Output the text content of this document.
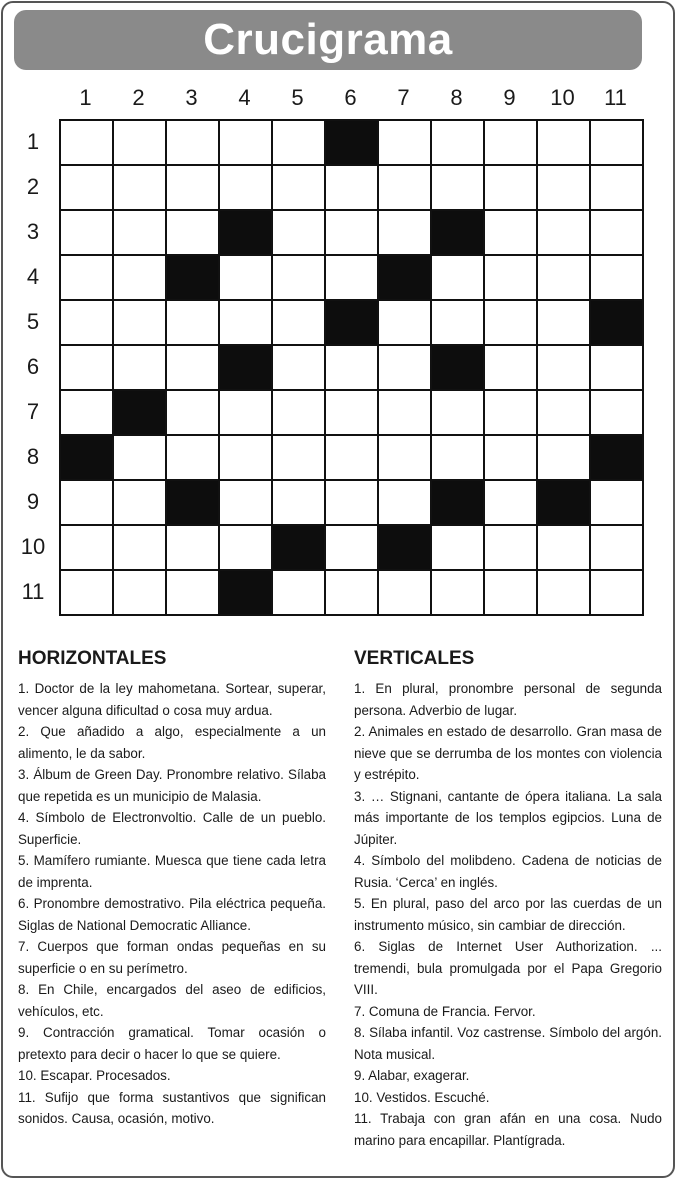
Crucigrama
1	2	3	4	5	6	7	8	9	10	11
1
2
3
4
5
6
7
8
9
10
11
HORIZONTALES

1. Doctor de la ley mahometana. Sortear, superar, vencer alguna dificultad o cosa muy ardua.

2. Que añadido a algo, especialmente a un alimento, le da sabor.

3. Álbum de Green Day. Pronombre relativo. Sílaba que repetida es un municipio de Malasia.

4. Símbolo de Electronvoltio. Calle de un pueblo. Superficie.

5. Mamífero rumiante. Muesca que tiene cada letra de imprenta.

6. Pronombre demostrativo. Pila eléctrica pequeña. Siglas de National Democratic Alliance.

7. Cuerpos que forman ondas pequeñas en su superficie o en su perímetro.

8. En Chile, encargados del aseo de edificios, vehículos, etc.

9. Contracción gramatical. Tomar ocasión o pretexto para decir o hacer lo que se quiere.

10. Escapar. Procesados.

11. Sufijo que forma sustantivos que significan sonidos. Causa, ocasión, motivo.

VERTICALES

1. En plural, pronombre personal de segunda persona. Adverbio de lugar.

2. Animales en estado de desarrollo. Gran masa de nieve que se derrumba de los montes con violencia y estrépito.

3. … Stignani, cantante de ópera italiana. La sala más importante de los templos egipcios. Luna de Júpiter.

4. Símbolo del molibdeno. Cadena de noticias de Rusia. ‘Cerca’ en inglés.

5. En plural, paso del arco por las cuerdas de un instrumento músico, sin cambiar de dirección.

6. Siglas de Internet User Authorization. ... tremendi, bula promulgada por el Papa Gregorio VIII.

7. Comuna de Francia. Fervor.

8. Sílaba infantil. Voz castrense. Símbolo del argón. Nota musical.

9. Alabar, exagerar.

10. Vestidos. Escuché.

11. Trabaja con gran afán en una cosa. Nudo marino para encapillar. Plantígrada.
